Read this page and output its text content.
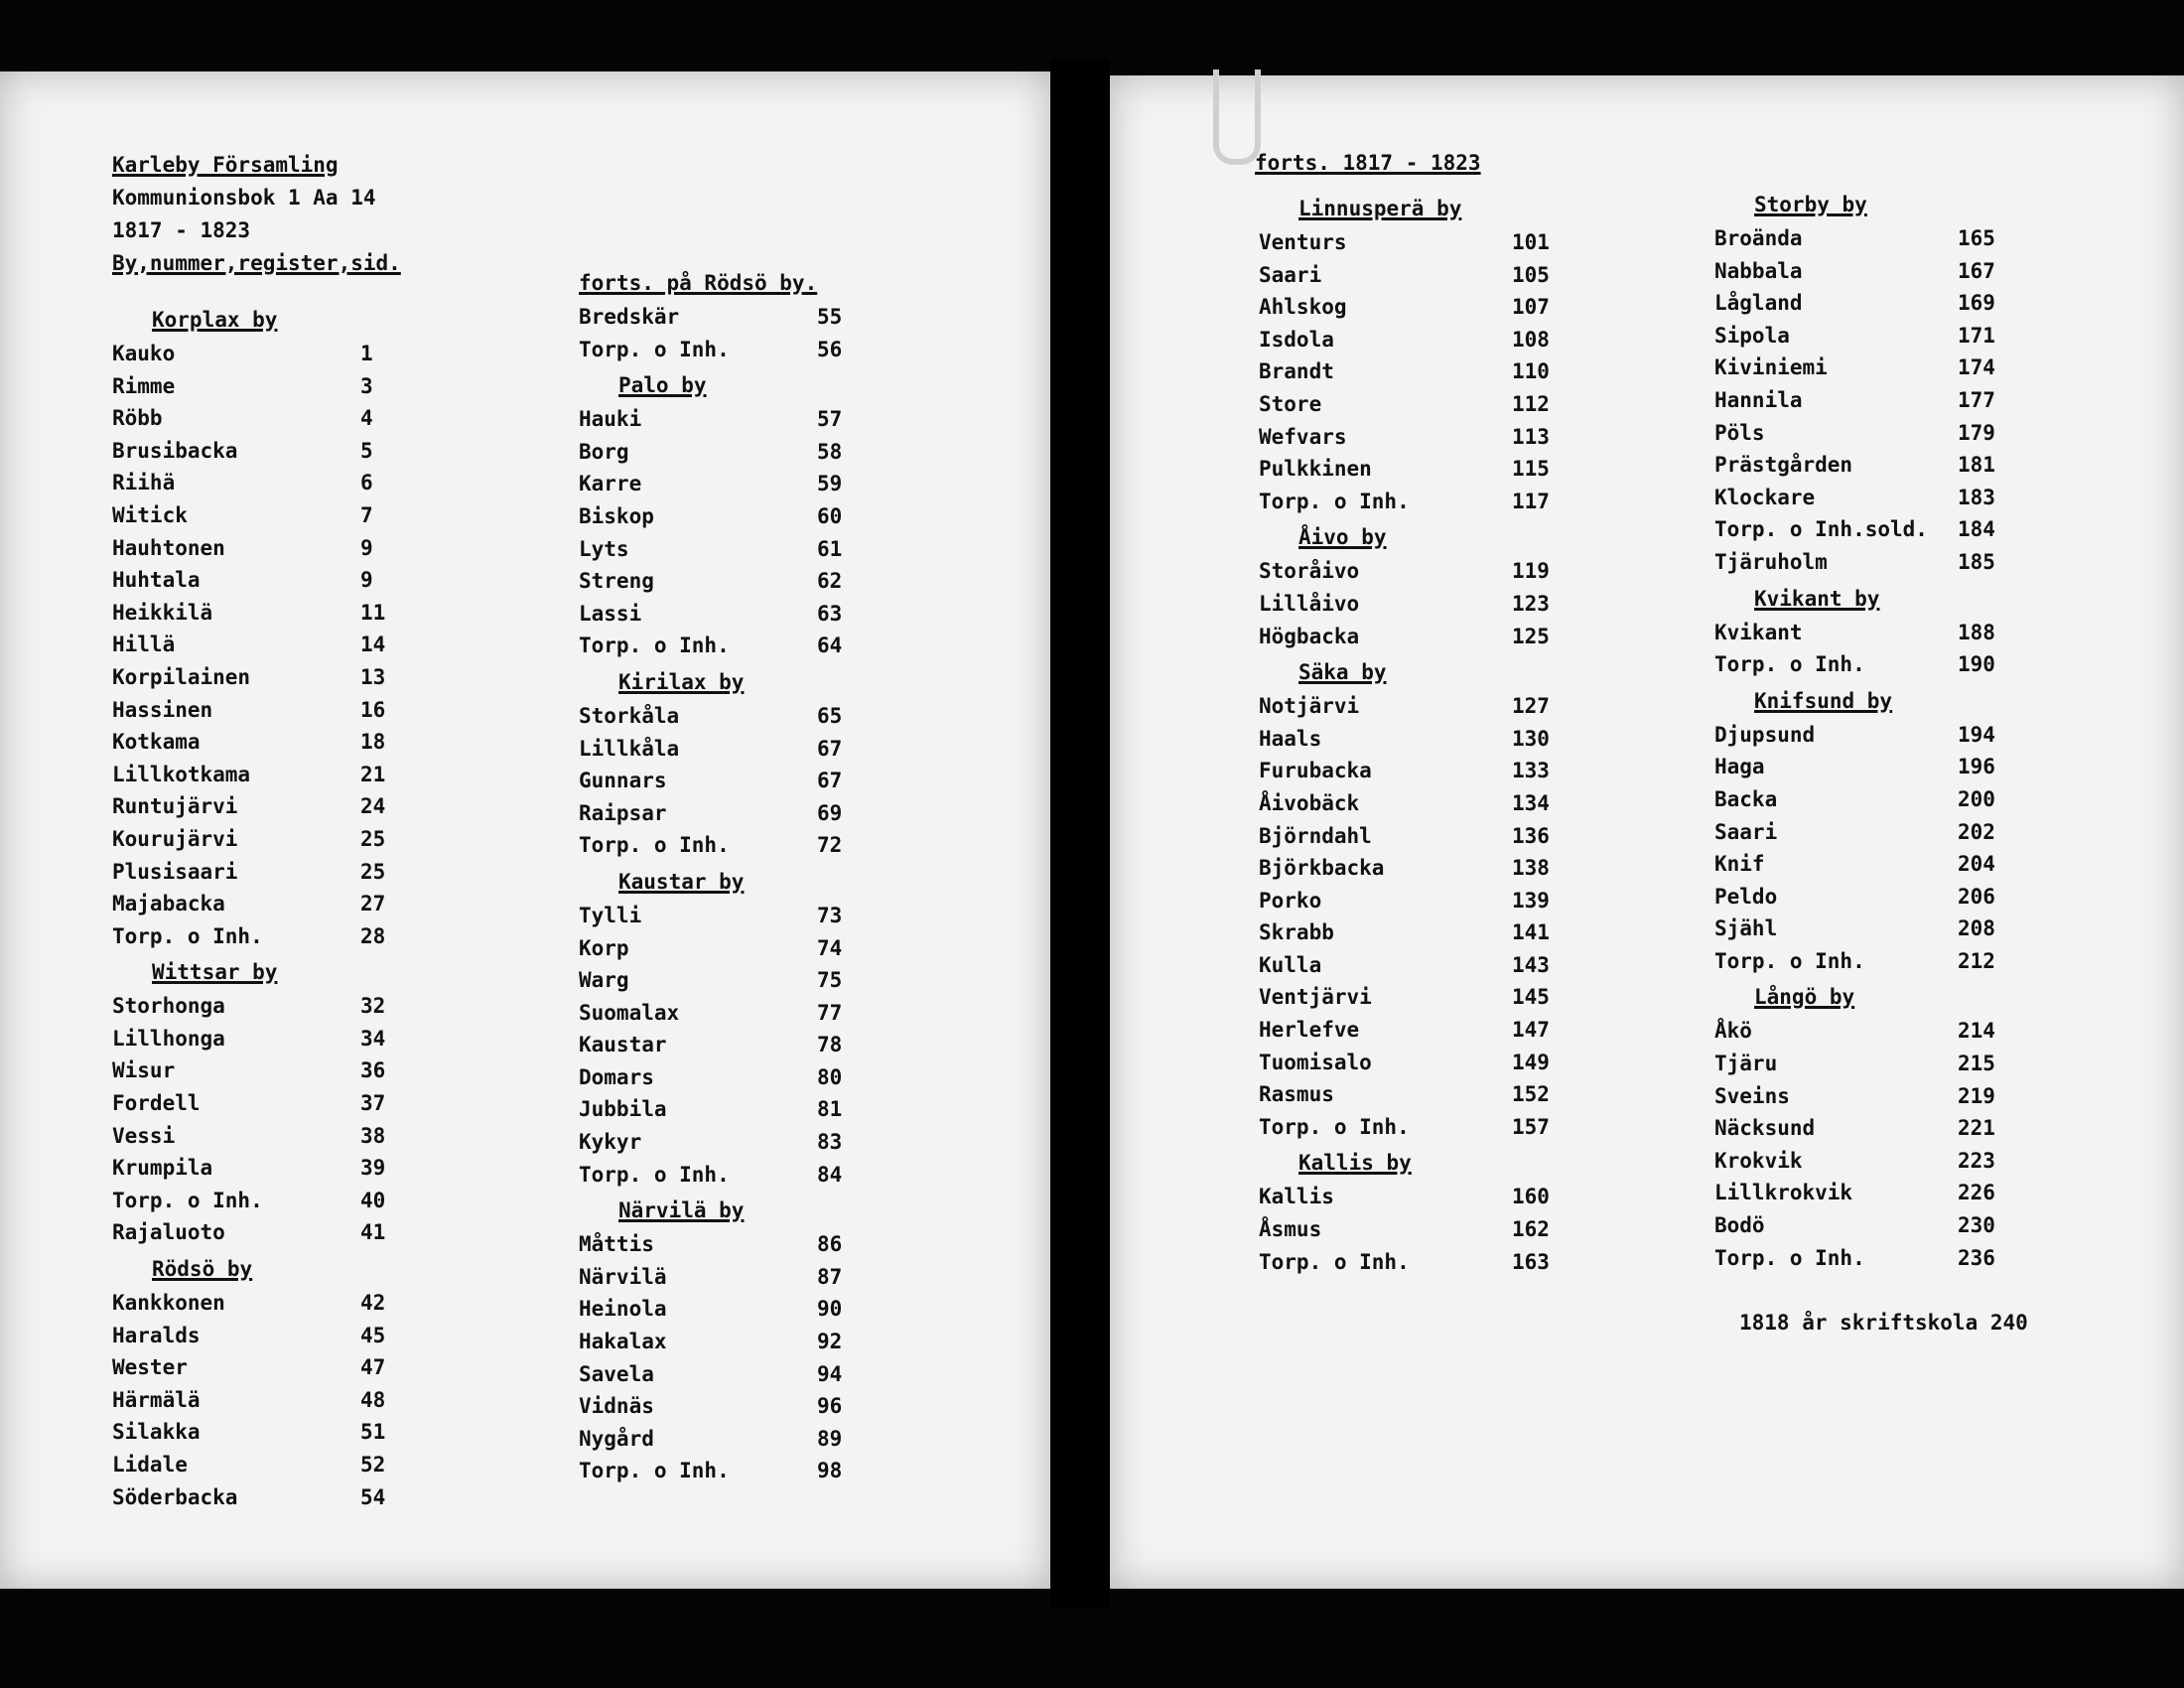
Karleby Församling
Kommunionsbok 1 Aa 14
1817 - 1823
By,nummer,register,sid.
Korplax by
Kauko	1
Rimme	3
Röbb	4
Brusibacka	5
Riihä	6
Witick	7
Hauhtonen	9
Huhtala	9
Heikkilä	11
Hillä	14
Korpilainen	13
Hassinen	16
Kotkama	18
Lillkotkama	21
Runtujärvi	24
Kourujärvi	25
Plusisaari	25
Majabacka	27
Torp. o Inh.	28
Wittsar by
Storhonga	32
Lillhonga	34
Wisur	36
Fordell	37
Vessi	38
Krumpila	39
Torp. o Inh.	40
Rajaluoto	41
Rödsö by
Kankkonen	42
Haralds	45
Wester	47
Härmälä	48
Silakka	51
Lidale	52
Söderbacka	54
forts. på Rödsö by.
Bredskär	55
Torp. o Inh.	56
Palo by
Hauki	57
Borg	58
Karre	59
Biskop	60
Lyts	61
Streng	62
Lassi	63
Torp. o Inh.	64
Kirilax by
Storkåla	65
Lillkåla	67
Gunnars	67
Raipsar	69
Torp. o Inh.	72
Kaustar by
Tylli	73
Korp	74
Warg	75
Suomalax	77
Kaustar	78
Domars	80
Jubbila	81
Kykyr	83
Torp. o Inh.	84
Närvilä by
Måttis	86
Närvilä	87
Heinola	90
Hakalax	92
Savela	94
Vidnäs	96
Nygård	89
Torp. o Inh.	98
forts. 1817 - 1823
Linnusperä by
Venturs	101
Saari	105
Ahlskog	107
Isdola	108
Brandt	110
Store	112
Wefvars	113
Pulkkinen	115
Torp. o Inh.	117
Åivo by
Storåivo	119
Lillåivo	123
Högbacka	125
Säka by
Notjärvi	127
Haals	130
Furubacka	133
Åivobäck	134
Björndahl	136
Björkbacka	138
Porko	139
Skrabb	141
Kulla	143
Ventjärvi	145
Herlefve	147
Tuomisalo	149
Rasmus	152
Torp. o Inh.	157
Kallis by
Kallis	160
Åsmus	162
Torp. o Inh.	163
Storby by
Broända	165
Nabbala	167
Lågland	169
Sipola	171
Kiviniemi	174
Hannila	177
Pöls	179
Prästgården	181
Klockare	183
Torp. o Inh.sold. 184
Tjäruholm	185
Kvikant by
Kvikant	188
Torp. o Inh.	190
Knifsund by
Djupsund	194
Haga	196
Backa	200
Saari	202
Knif	204
Peldo	206
Sjähl	208
Torp. o Inh.	212
Långö by
Åkö	214
Tjäru	215
Sveins	219
Näcksund	221
Krokvik	223
Lillkrokvik	226
Bodö	230
Torp. o Inh.	236
1818 år skriftskola 240
